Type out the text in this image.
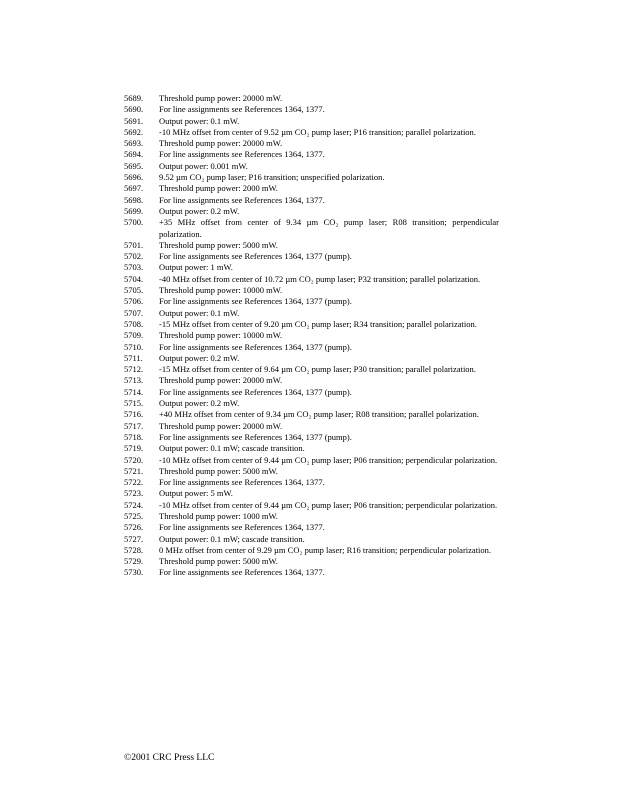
5689.	Threshold pump power: 20000 mW.
5690.	For line assignments see References 1364, 1377.
5691.	Output power: 0.1 mW.
5692.	-10 MHz offset from center of 9.52 µm CO₂ pump laser; P16 transition; parallel polarization.
5693.	Threshold pump power: 20000 mW.
5694.	For line assignments see References 1364, 1377.
5695.	Output power: 0.001 mW.
5696.	9.52 µm CO₂ pump laser; P16 transition; unspecified polarization.
5697.	Threshold pump power: 2000 mW.
5698.	For line assignments see References 1364, 1377.
5699.	Output power: 0.2 mW.
5700.	+35 MHz offset from center of 9.34 µm CO₂ pump laser; R08 transition; perpendicular polarization.
5701.	Threshold pump power: 5000 mW.
5702.	For line assignments see References 1364, 1377 (pump).
5703.	Output power: 1 mW.
5704.	-40 MHz offset from center of 10.72 µm CO₂ pump laser; P32 transition; parallel polarization.
5705.	Threshold pump power: 10000 mW.
5706.	For line assignments see References 1364, 1377 (pump).
5707.	Output power: 0.1 mW.
5708.	-15 MHz offset from center of 9.20 µm CO₂ pump laser; R34 transition; parallel polarization.
5709.	Threshold pump power: 10000 mW.
5710.	For line assignments see References 1364, 1377 (pump).
5711.	Output power: 0.2 mW.
5712.	-15 MHz offset from center of 9.64 µm CO₂ pump laser; P30 transition; parallel polarization.
5713.	Threshold pump power: 20000 mW.
5714.	For line assignments see References 1364, 1377 (pump).
5715.	Output power: 0.2 mW.
5716.	+40 MHz offset from center of 9.34 µm CO₂ pump laser; R08 transition; parallel polarization.
5717.	Threshold pump power: 20000 mW.
5718.	For line assignments see References 1364, 1377 (pump).
5719.	Output power: 0.1 mW; cascade transition.
5720.	-10 MHz offset from center of 9.44 µm CO₂ pump laser; P06 transition; perpendicular polarization.
5721.	Threshold pump power: 5000 mW.
5722.	For line assignments see References 1364, 1377.
5723.	Output power: 5 mW.
5724.	-10 MHz offset from center of 9.44 µm CO₂ pump laser; P06 transition; perpendicular polarization.
5725.	Threshold pump power: 1000 mW.
5726.	For line assignments see References 1364, 1377.
5727.	Output power: 0.1 mW; cascade transition.
5728.	0 MHz offset from center of 9.29 µm CO₂ pump laser; R16 transition; perpendicular polarization.
5729.	Threshold pump power: 5000 mW.
5730.	For line assignments see References 1364, 1377.
©2001 CRC Press LLC
